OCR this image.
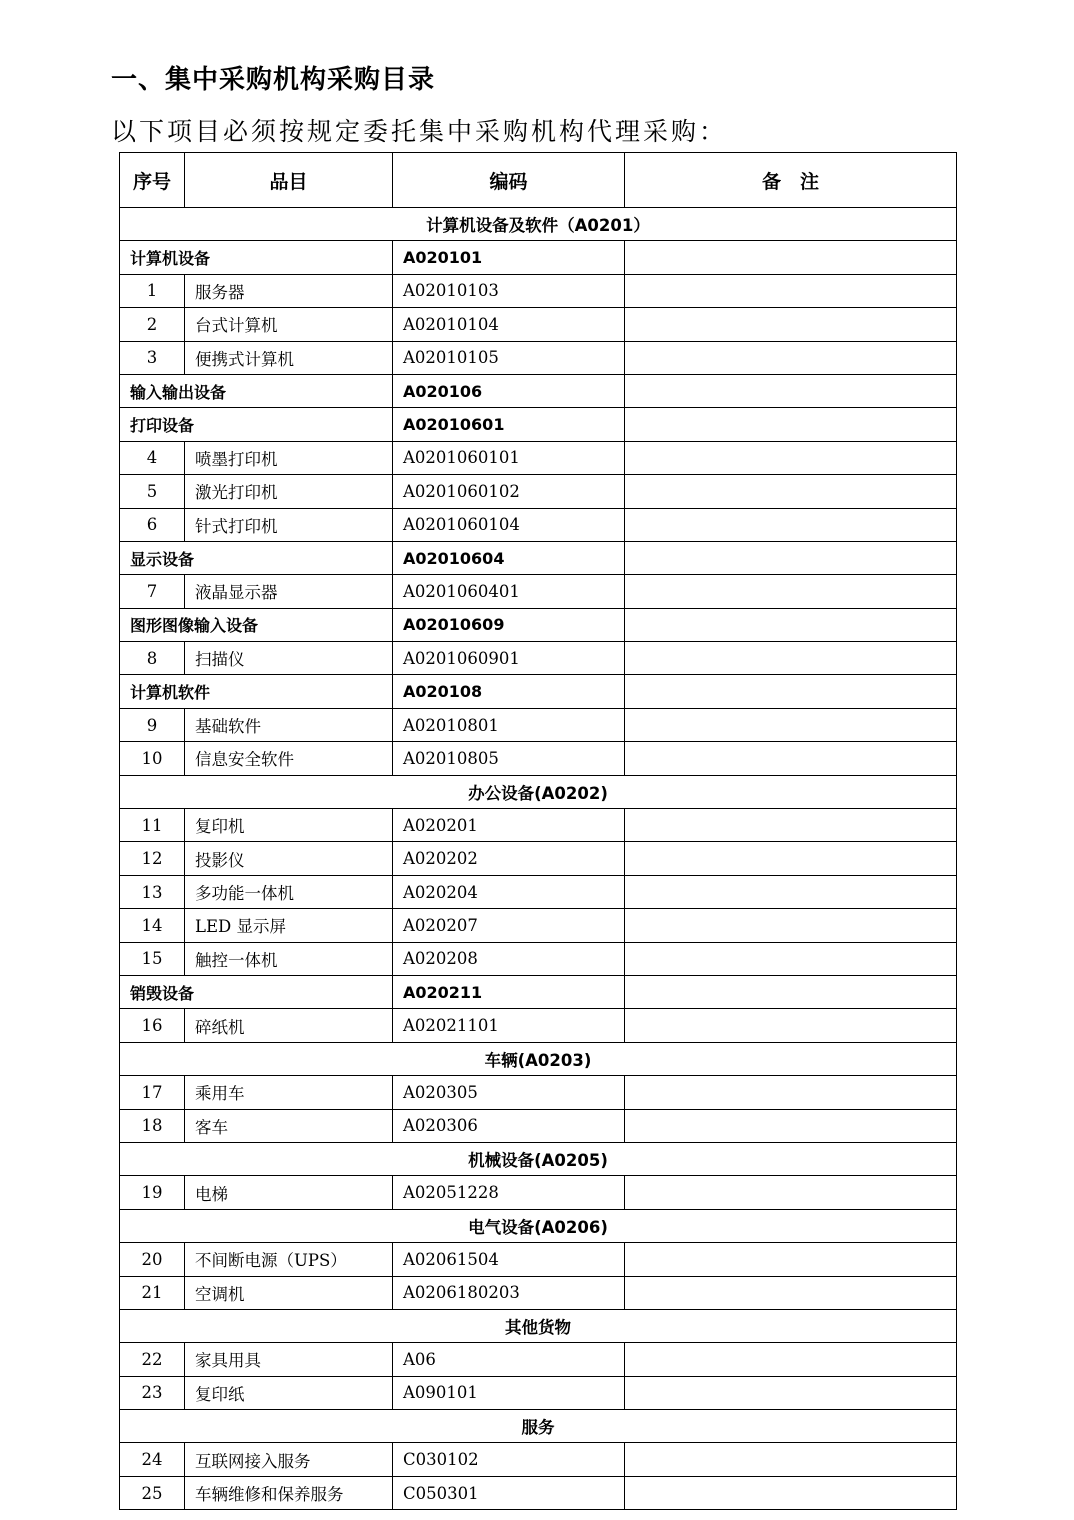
一、集中采购机构采购目录

以下项目必须按规定委托集中采购机构代理采购：

序号	品目	编码	备　注
计算机设备及软件（A0201）			
计算机设备		A020101	
1	服务器	A02010103	
2	台式计算机	A02010104	
3	便携式计算机	A02010105	
输入输出设备		A020106	
打印设备		A02010601	
4	喷墨打印机	A0201060101	
5	激光打印机	A0201060102	
6	针式打印机	A0201060104	
显示设备		A02010604	
7	液晶显示器	A0201060401	
图形图像输入设备		A02010609	
8	扫描仪	A0201060901	
计算机软件		A020108	
9	基础软件	A02010801	
10	信息安全软件	A02010805	
办公设备(A0202)			
11	复印机	A020201	
12	投影仪	A020202	
13	多功能一体机	A020204	
14	LED 显示屏	A020207	
15	触控一体机	A020208	
销毁设备		A020211	
16	碎纸机	A02021101	
车辆(A0203)			
17	乘用车	A020305	
18	客车	A020306	
机械设备(A0205)			
19	电梯	A02051228	
电气设备(A0206)			
20	不间断电源（UPS）	A02061504	
21	空调机	A0206180203	
其他货物			
22	家具用具	A06	
23	复印纸	A090101	
服务			
24	互联网接入服务	C030102	
25	车辆维修和保养服务	C050301	
